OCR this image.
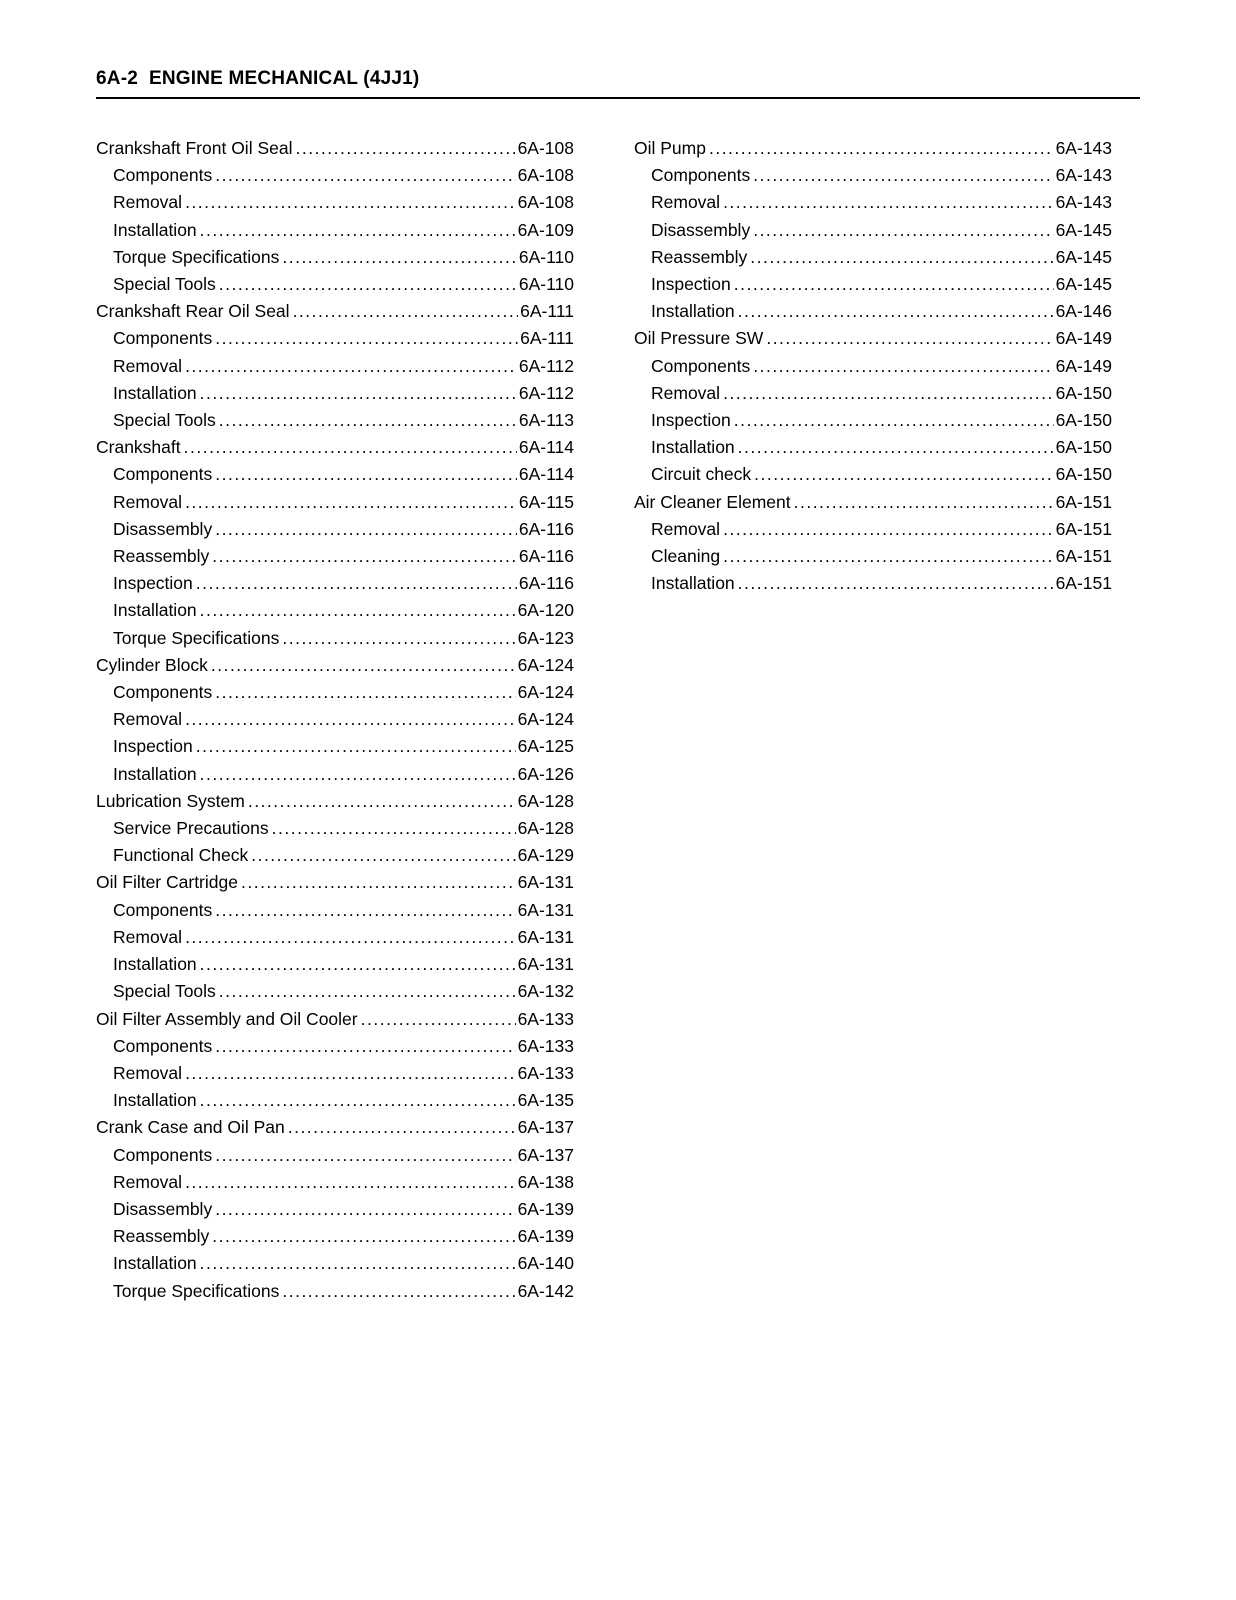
6A-2  ENGINE MECHANICAL (4JJ1)
Crankshaft Front Oil Seal .....	6A-108
Components .....	6A-108
Removal .....	6A-108
Installation .....	6A-109
Torque Specifications .....	6A-110
Special Tools .....	6A-110
Crankshaft Rear Oil Seal .....	6A-111
Components .....	6A-111
Removal .....	6A-112
Installation .....	6A-112
Special Tools .....	6A-113
Crankshaft .....	6A-114
Components .....	6A-114
Removal .....	6A-115
Disassembly .....	6A-116
Reassembly .....	6A-116
Inspection .....	6A-116
Installation .....	6A-120
Torque Specifications .....	6A-123
Cylinder Block .....	6A-124
Components .....	6A-124
Removal .....	6A-124
Inspection .....	6A-125
Installation .....	6A-126
Lubrication System .....	6A-128
Service Precautions .....	6A-128
Functional Check .....	6A-129
Oil Filter Cartridge .....	6A-131
Components .....	6A-131
Removal .....	6A-131
Installation .....	6A-131
Special Tools .....	6A-132
Oil Filter Assembly and Oil Cooler .....	6A-133
Components .....	6A-133
Removal .....	6A-133
Installation .....	6A-135
Crank Case and Oil Pan .....	6A-137
Components .....	6A-137
Removal .....	6A-138
Disassembly .....	6A-139
Reassembly .....	6A-139
Installation .....	6A-140
Torque Specifications .....	6A-142
Oil Pump .....	6A-143
Components .....	6A-143
Removal .....	6A-143
Disassembly .....	6A-145
Reassembly .....	6A-145
Inspection .....	6A-145
Installation .....	6A-146
Oil Pressure SW .....	6A-149
Components .....	6A-149
Removal .....	6A-150
Inspection .....	6A-150
Installation .....	6A-150
Circuit check .....	6A-150
Air Cleaner Element .....	6A-151
Removal .....	6A-151
Cleaning .....	6A-151
Installation .....	6A-151
